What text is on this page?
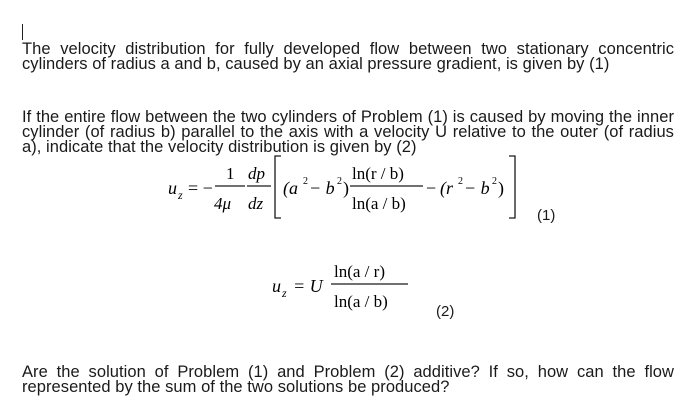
The velocity distribution for fully developed flow between two stationary concentric cylinders of radius a and b, caused by an axial pressure gradient, is given by (1)

If the entire flow between the two cylinders of Problem (1) is caused by moving the inner cylinder (of radius b) parallel to the axis with a velocity U relative to the outer (of radius a), indicate that the velocity distribution is given by (2)

u z = −
1
4μ
dp
dz
(a 2 − b 2 )
ln(r / b)
ln(a / b)
− (r 2 − b 2 )
(1)
u z = U
ln(a / r)
ln(a / b)
(2)

Are the solution of Problem (1) and Problem (2) additive? If so, how can the flow represented by the sum of the two solutions be produced?
